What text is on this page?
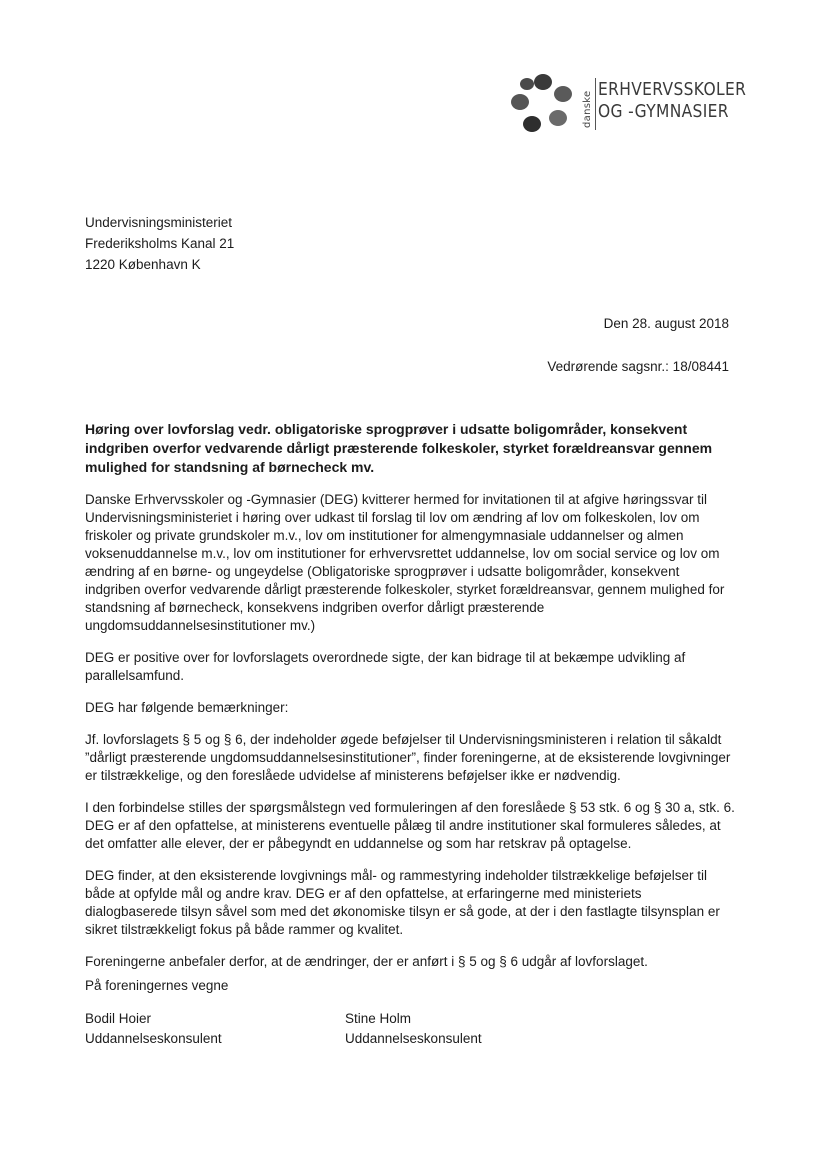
danske
ERHVERVSSKOLER
OG -GYMNASIER
Undervisningsministeriet
Frederiksholms Kanal 21
1220 København K
Den 28. august 2018
Vedrørende sagsnr.: 18/08441

Høring over lovforslag vedr. obligatoriske sprogprøver i udsatte boligområder, konsekvent indgriben overfor vedvarende dårligt præsterende folkeskoler, styrket forældreansvar gennem mulighed for standsning af børnecheck mv.

Danske Erhvervsskoler og -Gymnasier (DEG) kvitterer hermed for invitationen til at afgive høringssvar til Undervisningsministeriet i høring over udkast til forslag til lov om ændring af lov om folkeskolen, lov om friskoler og private grundskoler m.v., lov om institutioner for almengymnasiale uddannelser og almen voksenuddannelse m.v., lov om institutioner for erhvervsrettet uddannelse, lov om social service og lov om ændring af en børne- og ungeydelse (Obligatoriske sprogprøver i udsatte boligområder, konsekvent indgriben overfor vedvarende dårligt præsterende folkeskoler, styrket forældreansvar, gennem mulighed for standsning af børnecheck, konsekvens indgriben overfor dårligt præsterende ungdomsuddannelsesinstitutioner mv.)

DEG er positive over for lovforslagets overordnede sigte, der kan bidrage til at bekæmpe udvikling af parallelsamfund.

DEG har følgende bemærkninger:

Jf. lovforslagets § 5 og § 6, der indeholder øgede beføjelser til Undervisningsministeren i relation til såkaldt ”dårligt præsterende ungdomsuddannelsesinstitutioner”, finder foreningerne, at de eksisterende lovgivninger er tilstrækkelige, og den foreslåede udvidelse af ministerens beføjelser ikke er nødvendig.

I den forbindelse stilles der spørgsmålstegn ved formuleringen af den foreslåede § 53 stk. 6 og § 30 a, stk. 6. DEG er af den opfattelse, at ministerens eventuelle pålæg til andre institutioner skal formuleres således, at det omfatter alle elever, der er påbegyndt en uddannelse og som har retskrav på optagelse.

DEG finder, at den eksisterende lovgivnings mål- og rammestyring indeholder tilstrækkelige beføjelser til både at opfylde mål og andre krav. DEG er af den opfattelse, at erfaringerne med ministeriets dialogbaserede tilsyn såvel som med det økonomiske tilsyn er så gode, at der i den fastlagte tilsynsplan er sikret tilstrækkeligt fokus på både rammer og kvalitet.

Foreningerne anbefaler derfor, at de ændringer, der er anført i § 5 og § 6 udgår af lovforslaget.

På foreningernes vegne
Bodil Hoier
Uddannelseskonsulent
Stine Holm
Uddannelseskonsulent
